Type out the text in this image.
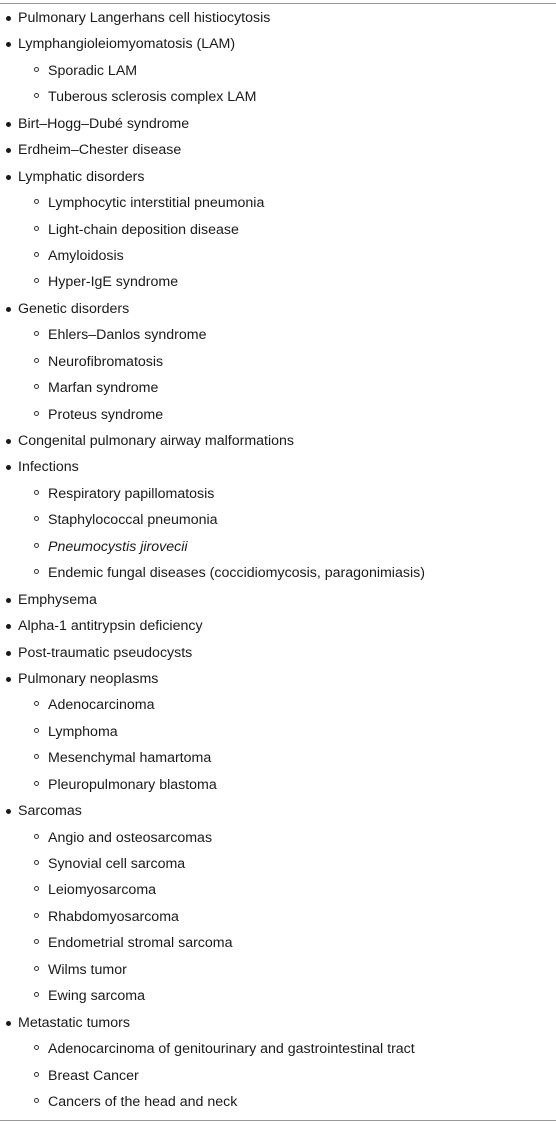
Pulmonary Langerhans cell histiocytosis
Lymphangioleiomyomatosis (LAM)
Sporadic LAM
Tuberous sclerosis complex LAM
Birt–Hogg–Dubé syndrome
Erdheim–Chester disease
Lymphatic disorders
Lymphocytic interstitial pneumonia
Light-chain deposition disease
Amyloidosis
Hyper-IgE syndrome
Genetic disorders
Ehlers–Danlos syndrome
Neurofibromatosis
Marfan syndrome
Proteus syndrome
Congenital pulmonary airway malformations
Infections
Respiratory papillomatosis
Staphylococcal pneumonia
Pneumocystis jirovecii
Endemic fungal diseases (coccidiomycosis, paragonimiasis)
Emphysema
Alpha-1 antitrypsin deficiency
Post-traumatic pseudocysts
Pulmonary neoplasms
Adenocarcinoma
Lymphoma
Mesenchymal hamartoma
Pleuropulmonary blastoma
Sarcomas
Angio and osteosarcomas
Synovial cell sarcoma
Leiomyosarcoma
Rhabdomyosarcoma
Endometrial stromal sarcoma
Wilms tumor
Ewing sarcoma
Metastatic tumors
Adenocarcinoma of genitourinary and gastrointestinal tract
Breast Cancer
Cancers of the head and neck
